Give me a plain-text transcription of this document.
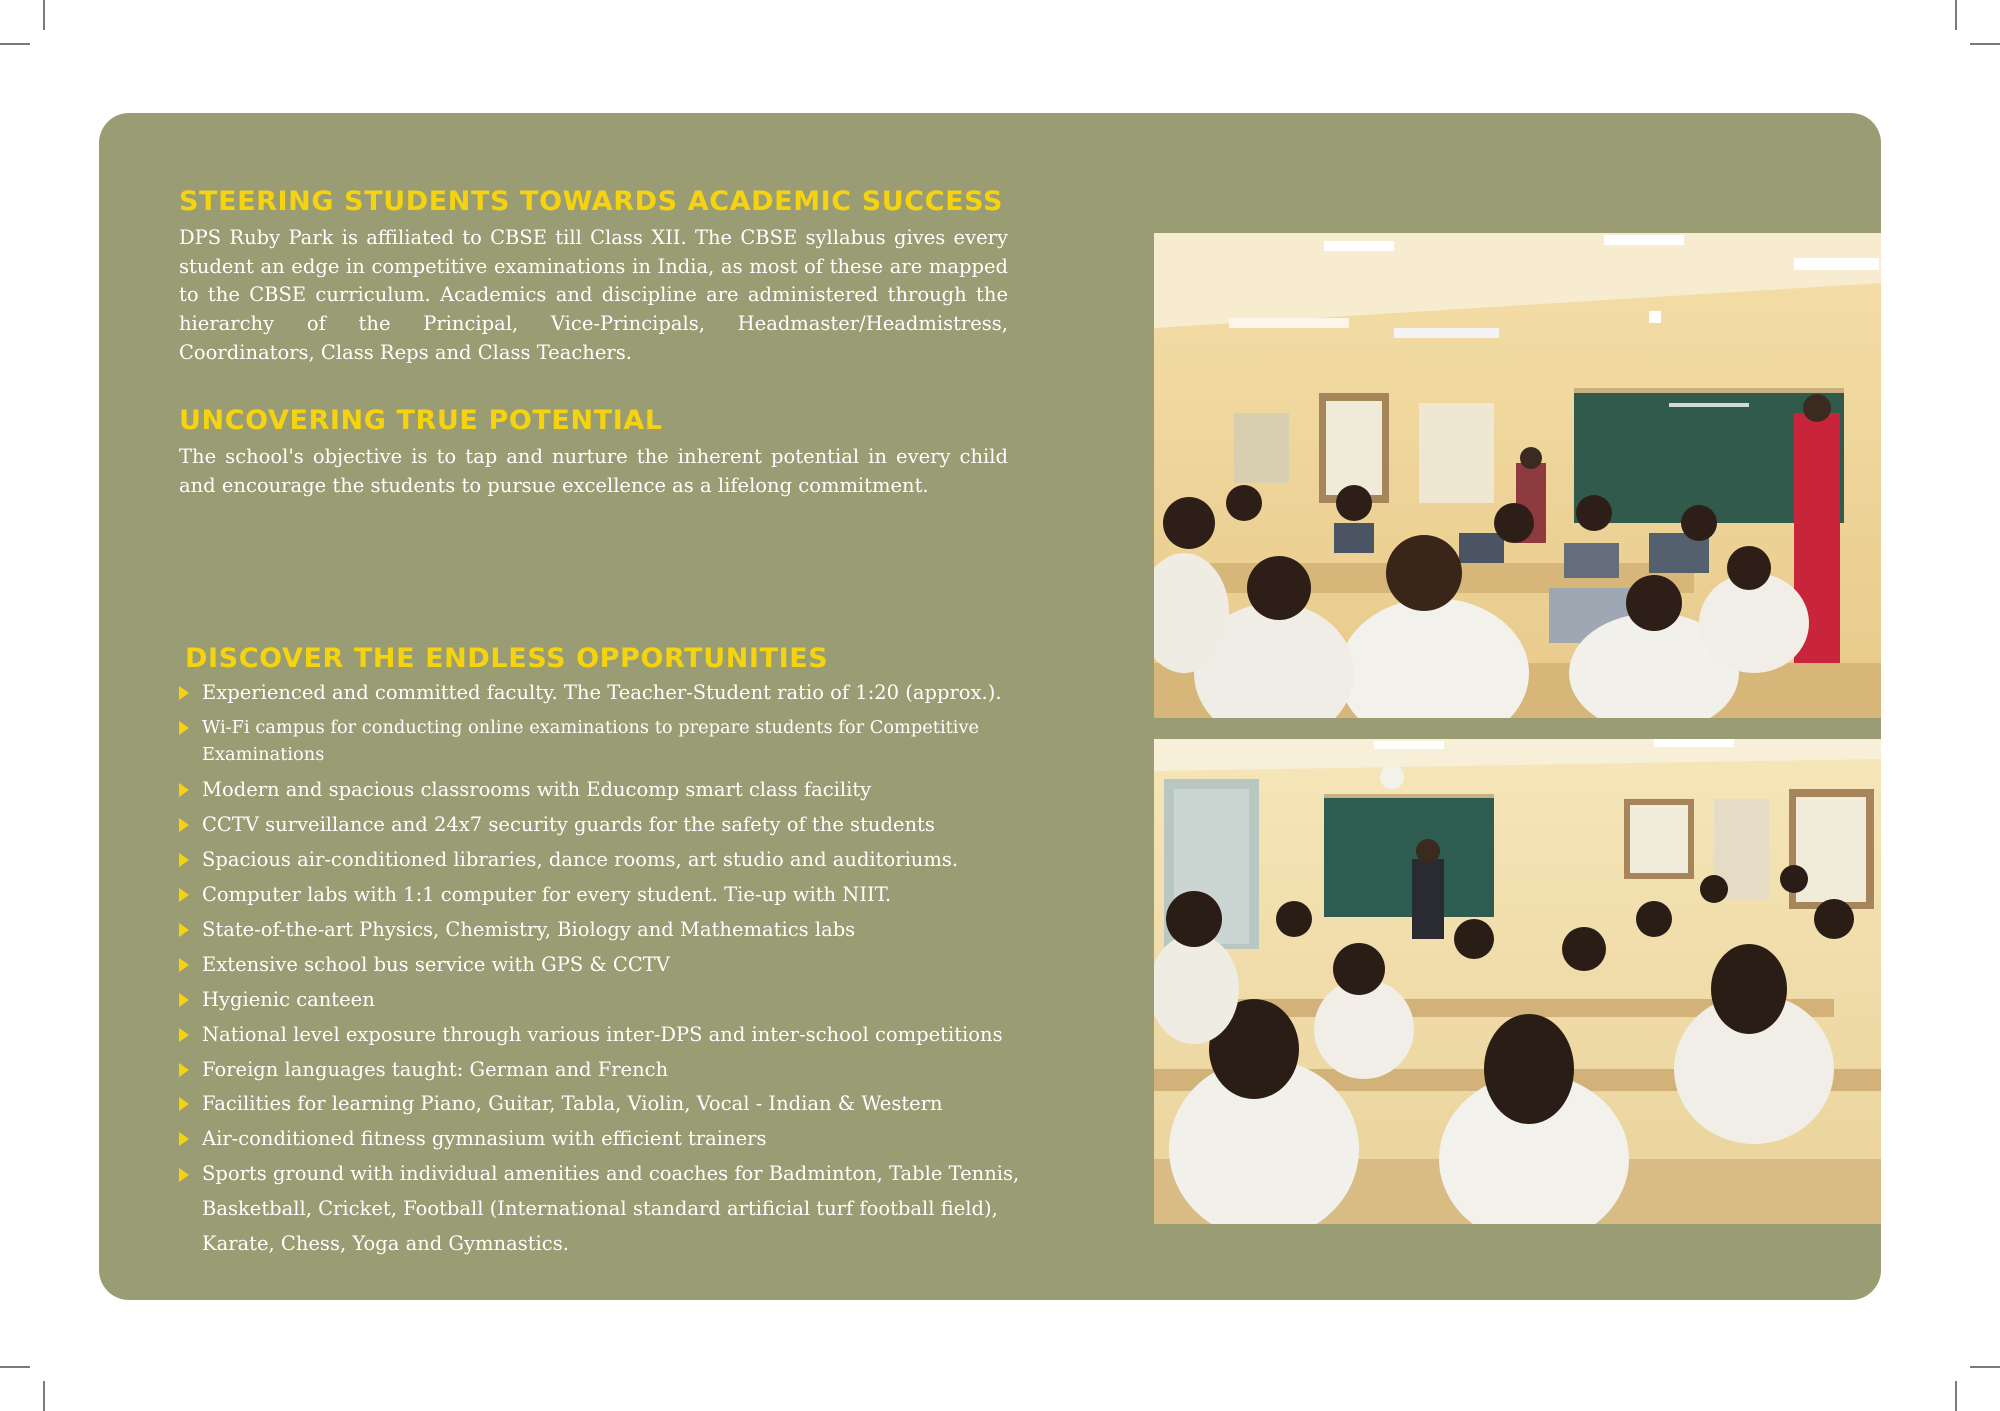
STEERING STUDENTS TOWARDS ACADEMIC SUCCESS

DPS Ruby Park is affiliated to CBSE till Class XII. The CBSE syllabus gives every student an edge in competitive examinations in India, as most of these are mapped to the CBSE curriculum. Academics and discipline are administered through the hierarchy of the Principal, Vice-Principals, Headmaster/Headmistress, Coordinators, Class Reps and Class Teachers.

UNCOVERING TRUE POTENTIAL

The school's objective is to tap and nurture the inherent potential in every child and encourage the students to pursue excellence as a lifelong commitment.

DISCOVER THE ENDLESS OPPORTUNITIES
Experienced and committed faculty. The Teacher-Student ratio of 1:20 (approx.).
Wi-Fi campus for conducting online examinations to prepare students for Competitive Examinations
Modern and spacious classrooms with Educomp smart class facility
CCTV surveillance and 24x7 security guards for the safety of the students
Spacious air-conditioned libraries, dance rooms, art studio and auditoriums.
Computer labs with 1:1 computer for every student. Tie-up with NIIT.
State-of-the-art Physics, Chemistry, Biology and Mathematics labs
Extensive school bus service with GPS & CCTV
Hygienic canteen
National level exposure through various inter-DPS and inter-school competitions
Foreign languages taught: German and French
Facilities for learning Piano, Guitar, Tabla, Violin, Vocal - Indian & Western
Air-conditioned fitness gymnasium with efficient trainers
Sports ground with individual amenities and coaches for Badminton, Table Tennis, Basketball, Cricket, Football (International standard artificial turf football field), Karate, Chess, Yoga and Gymnastics.
